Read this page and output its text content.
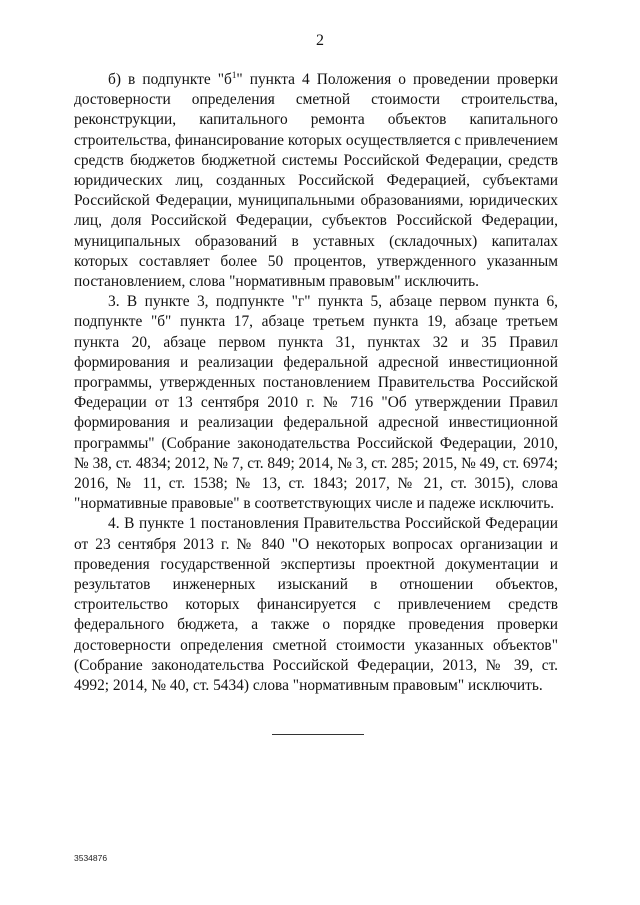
2

б) в подпункте "$б^1$" пункта 4 Положения о проведении проверки достоверности определения сметной стоимости строительства, реконструкции, капитального ремонта объектов капитального строительства, финансирование которых осуществляется с привлечением средств бюджетов бюджетной системы Российской Федерации, средств юридических лиц, созданных Российской Федерацией, субъектами Российской Федерации, муниципальными образованиями, юридических лиц, доля Российской Федерации, субъектов Российской Федерации, муниципальных образований в уставных (складочных) капиталах которых составляет более 50 процентов, утвержденного указанным постановлением, слова "нормативным правовым" исключить.

3. В пункте 3, подпункте "г" пункта 5, абзаце первом пункта 6, подпункте "б" пункта 17, абзаце третьем пункта 19, абзаце третьем пункта 20, абзаце первом пункта 31, пунктах 32 и 35 Правил формирования и реализации федеральной адресной инвестиционной программы, утвержденных постановлением Правительства Российской Федерации от 13 сентября 2010 г. № 716 "Об утверждении Правил формирования и реализации федеральной адресной инвестиционной программы" (Собрание законодательства Российской Федерации, 2010, № 38, ст. 4834; 2012, № 7, ст. 849; 2014, № 3, ст. 285; 2015, № 49, ст. 6974; 2016, № 11, ст. 1538; № 13, ст. 1843; 2017, № 21, ст. 3015), слова "нормативные правовые" в соответствующих числе и падеже исключить.

4. В пункте 1 постановления Правительства Российской Федерации от 23 сентября 2013 г. № 840 "О некоторых вопросах организации и проведения государственной экспертизы проектной документации и результатов инженерных изысканий в отношении объектов, строительство которых финансируется с привлечением средств федерального бюджета, а также о порядке проведения проверки достоверности определения сметной стоимости указанных объектов" (Собрание законодательства Российской Федерации, 2013, № 39, ст. 4992; 2014, № 40, ст. 5434) слова "нормативным правовым" исключить.

3534876
